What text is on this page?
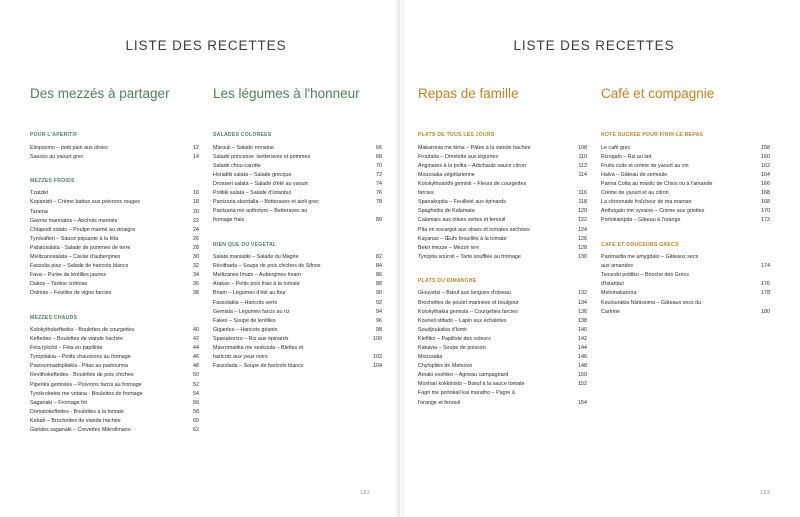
LISTE DES RECETTES
Des mezzés à partager
POUR L'APERITIF
Eliopsomo – petit pain aux olives	12
Sauces au yaourt grec	14
MEZZES FROIDS
Tzatziki	16
Kopanisti – Crème battue aux poivrons rouges	18
Tarama	20
Gavros marinatos – Anchois marinés	22
Chtapodi xidato – Poulpe mariné au vinaigre	24
Tyrokafteri – Sauce piquante à la féta	26
Patatosalata - Salade de pommes de terre	28
Melitzanosalata – Caviar d'aubergines	30
Fassolia piaz – Salade de haricots blancs	32
Fava – Purée de lentilles jaunes	34
Dakos – Tartine crétoise	36
Dolmas – Feuilles de vigne farcies	38
MEZZES CHAUDS
Kolokythokeftedes - Boulettes de courgettes	40
Keftedes – Boulettes de viande hachée	42
Feta tylichti – Féta en papillote	44
Tyropitakia – Petits chaussons au fromage	46
Pastourmadopitakia - Pitas au pastourma	48
Revithokeftedes - Boulettes de pois chiches	50
Piperiès gemistès – Poivrons farcis au fromage	52
Tyrokroketes me votana - Boulettes de fromage	54
Saganaki – Fromage frit	56
Domatokeftedes - Boulettes à la tomate	58
Kebab – Brochettes de viande hachée	60
Garides saganaki – Crevettes Mikrolimano	62
Les légumes à l'honneur
SALADES COLOREES
Marouli – Salade romaine	66
Salade princesse -betteraves et pommes	68
Salade chou-carotte	70
Horiatiki salata – Salade grecque	72
Drosseri salata – Salade d'été au yaourt	74
Politiki salata – Salade d'Istanbul	76
Pantzaria skordalia – Betteraves et aioli grec	78
Pantzaria me anthotyro – Betteraves au
fromage frais	80
RIEN QUE DU VEGETAL
Salata maniatiki – Salade du Magne	82
Révithada – Soupe de pois chiches de Sifnos	84
Melitzanes Imam – Aubergines Imam	86
Arakas – Petits pois frais à la tomate	88
Briam – Légumes d'été au four	90
Fassolakia – Haricots verts	92
Gemista – Légumes farcis au riz	94
Fakes – Soupe de lentilles	96
Gigantes – Haricots géants	98
Spanakorizo – Riz aux épinards	100
Mavromatika me seskoula – Blettes et
haricots aux yeux noirs	102
Fassolada – Soupe de haricots blancs	104
182
LISTE DES RECETTES
Repas de famille
PLATS DE TOUS LES JOURS
Makaronia me kima – Pâtes à la viande hachée	108
Froutalia – Omelette aux légumes	110
Anginares à la polita – Artichauts sauce citron	112
Moussaka végétarienne	114
Kolokythoanthi gemisti – Fleurs de courgettes
farcies	116
Spanakopita – Feuilleté aux épinards	118
Spaghettis de Kalamata	120
Calamars aux olives vertes et fenouil	122
Pita en escargot aux olives et tomates séchées	124
Kayanas – Œufs brouillés à la tomate	126
Bekri mezze – Mezzé ivre	128
Tyropita souroti – Tarte soufflée au fromage	130
PLATS DU DIMANCHE
Giouvetsi – Bœuf aux langues d'oiseau	132
Brochettes de poulet marinées et boulgour	134
Kolokythakia gemista – Courgettes farcies	136
Kouneli stifado – Lapin aux échalotes	138
Soudjoukakia d'Ismir	140
Kleftiko – Papillote des voleurs	142
Kakavia – Soupe de poisson	144
Moussaka	146
Chylopitès de Metsovo	148
Arnaki exohiko – Agneau campagnard	150
Moshari kokkinisto – Bœuf à la sauce tomate	152
Fagri me portokali kai maratho – Pagre à
l'orange et fenouil	154
Café et compagnie
NOTE SUCREE POUR FINIR LE REPAS
Le café grec	158
Rizogalo – Riz au lait	160
Fruits cuits et crème de yaourt au vin	162
Halva – Gâteau de semoule	164
Panna Cotta au mastic de Chios ou à l'amande	166
Crème de yaourt et au citron	168
La citronnade fraîcheur de ma maman	168
Anthogalo me vyssino – Crème aux griottes	170
Portokalopita – Gâteau à l'orange	172
CAFE ET DOUCEURS GRECS
Paximadia me amygdalo – Gâteaux secs
aux amandes	174
Tsoureki politiko – Brioche des Grecs
d'Istanbul	176
Melomakarona	178
Koulourakia Nistissima – Gâteaux secs du
Carême	180
183
